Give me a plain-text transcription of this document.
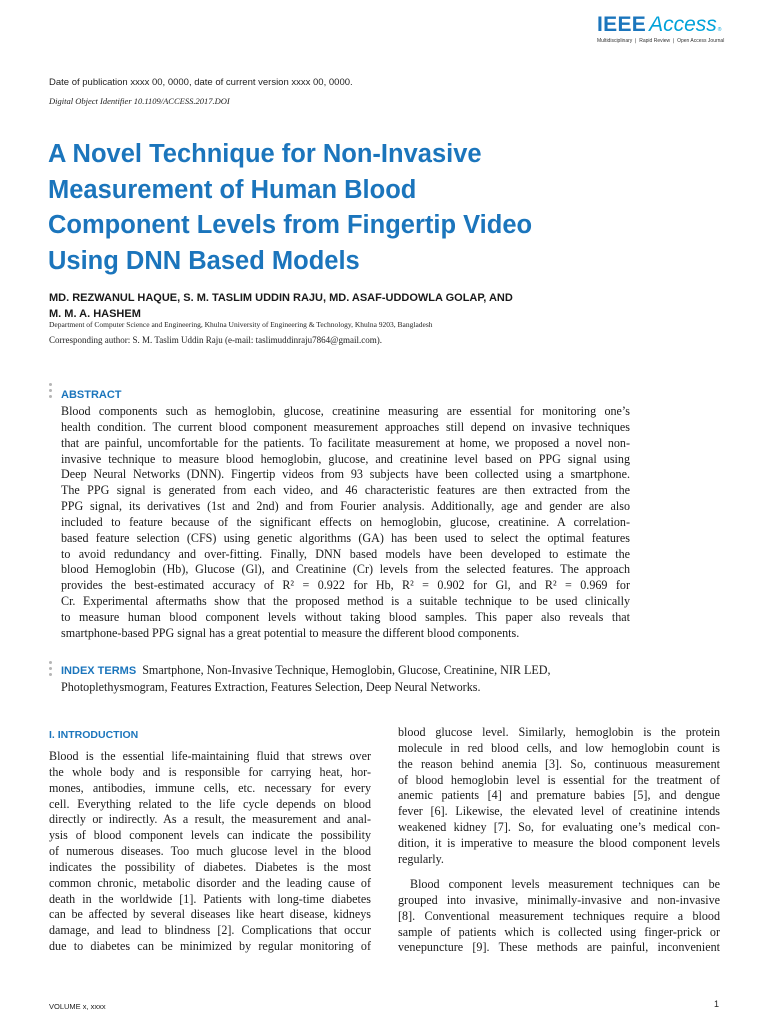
IEEE Access ®
Multidisciplinary ❘ Rapid Review ❘ Open Access Journal
Date of publication xxxx 00, 0000, date of current version xxxx 00, 0000.
Digital Object Identifier 10.1109/ACCESS.2017.DOI
A Novel Technique for Non-Invasive
Measurement of Human Blood
Component Levels from Fingertip Video
Using DNN Based Models
MD. REZWANUL HAQUE, S. M. TASLIM UDDIN RAJU, MD. ASAF-UDDOWLA GOLAP, AND
M. M. A. HASHEM
Department of Computer Science and Engineering, Khulna University of Engineering & Technology, Khulna 9203, Bangladesh
Corresponding author: S. M. Taslim Uddin Raju (e-mail: taslimuddinraju7864@gmail.com).
ABSTRACT
Blood components such as hemoglobin, glucose, creatinine measuring are essential for monitoring one’s
health condition. The current blood component measurement approaches still depend on invasive techniques
that are painful, uncomfortable for the patients. To facilitate measurement at home, we proposed a novel non-
invasive technique to measure blood hemoglobin, glucose, and creatinine level based on PPG signal using
Deep Neural Networks (DNN). Fingertip videos from 93 subjects have been collected using a smartphone.
The PPG signal is generated from each video, and 46 characteristic features are then extracted from the
PPG signal, its derivatives (1st and 2nd) and from Fourier analysis. Additionally, age and gender are also
included to feature because of the significant effects on hemoglobin, glucose, creatinine. A correlation-
based feature selection (CFS) using genetic algorithms (GA) has been used to select the optimal features
to avoid redundancy and over-fitting. Finally, DNN based models have been developed to estimate the
blood Hemoglobin (Hb), Glucose (Gl), and Creatinine (Cr) levels from the selected features. The approach
provides the best-estimated accuracy of R² = 0.922 for Hb, R² = 0.902 for Gl, and R² = 0.969 for
Cr. Experimental aftermaths show that the proposed method is a suitable technique to be used clinically
to measure human blood component levels without taking blood samples. This paper also reveals that
smartphone-based PPG signal has a great potential to measure the different blood components.
INDEX TERMS Smartphone, Non-Invasive Technique, Hemoglobin, Glucose, Creatinine, NIR LED,
Photoplethysmogram, Features Extraction, Features Selection, Deep Neural Networks.
I. INTRODUCTION
Blood is the essential life-maintaining fluid that strews over
the whole body and is responsible for carrying heat, hor-
mones, antibodies, immune cells, etc. necessary for every
cell. Everything related to the life cycle depends on blood
directly or indirectly. As a result, the measurement and anal-
ysis of blood component levels can indicate the possibility
of numerous diseases. Too much glucose level in the blood
indicates the possibility of diabetes. Diabetes is the most
common chronic, metabolic disorder and the leading cause of
death in the worldwide [1]. Patients with long-time diabetes
can be affected by several diseases like heart disease, kidneys
damage, and lead to blindness [2]. Complications that occur
due to diabetes can be minimized by regular monitoring of
blood glucose level. Similarly, hemoglobin is the protein
molecule in red blood cells, and low hemoglobin count is
the reason behind anemia [3]. So, continuous measurement
of blood hemoglobin level is essential for the treatment of
anemic patients [4] and premature babies [5], and dengue
fever [6]. Likewise, the elevated level of creatinine intends
weakened kidney [7]. So, for evaluating one’s medical con-
dition, it is imperative to measure the blood component levels
regularly.
Blood component levels measurement techniques can be
grouped into invasive, minimally-invasive and non-invasive
[8]. Conventional measurement techniques require a blood
sample of patients which is collected using finger-prick or
venepuncture [9]. These methods are painful, inconvenient
VOLUME x, xxxx	1
